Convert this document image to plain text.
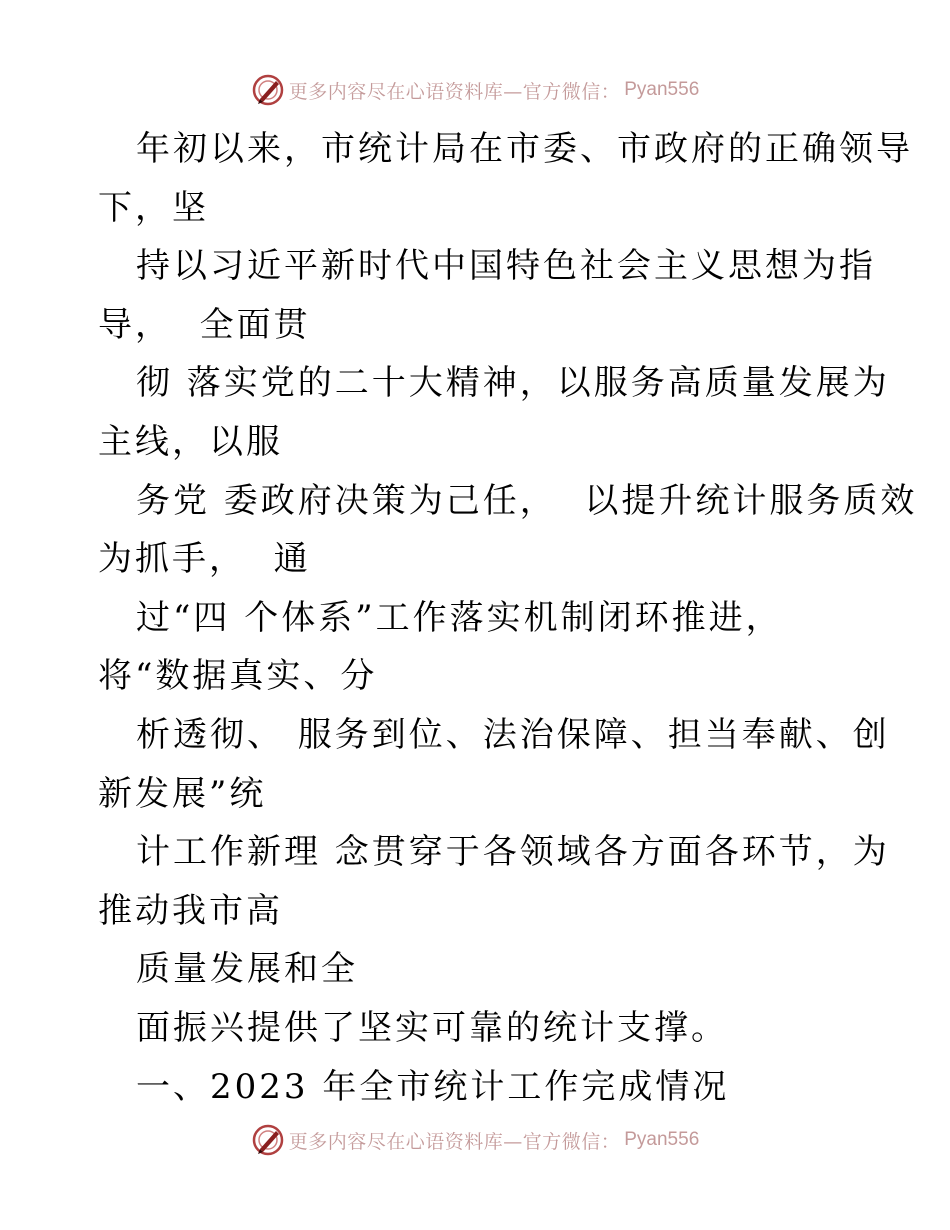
更多内容尽在心语资料库—官方微信： Pyan556
年初以来，市统计局在市委、市政府的正确领导
下，坚
持以习近平新时代中国特色社会主义思想为指
导，  全面贯
彻 落实党的二十大精神，以服务高质量发展为
主线，以服
务党 委政府决策为己任，  以提升统计服务质效
为抓手，  通
过“四 个体系”工作落实机制闭环推进，
将“数据真实、分
析透彻、 服务到位、法治保障、担当奉献、创
新发展”统
计工作新理 念贯穿于各领域各方面各环节，为
推动我市高
质量发展和全
面振兴提供了坚实可靠的统计支撑。
一、2023 年全市统计工作完成情况
更多内容尽在心语资料库—官方微信： Pyan556
